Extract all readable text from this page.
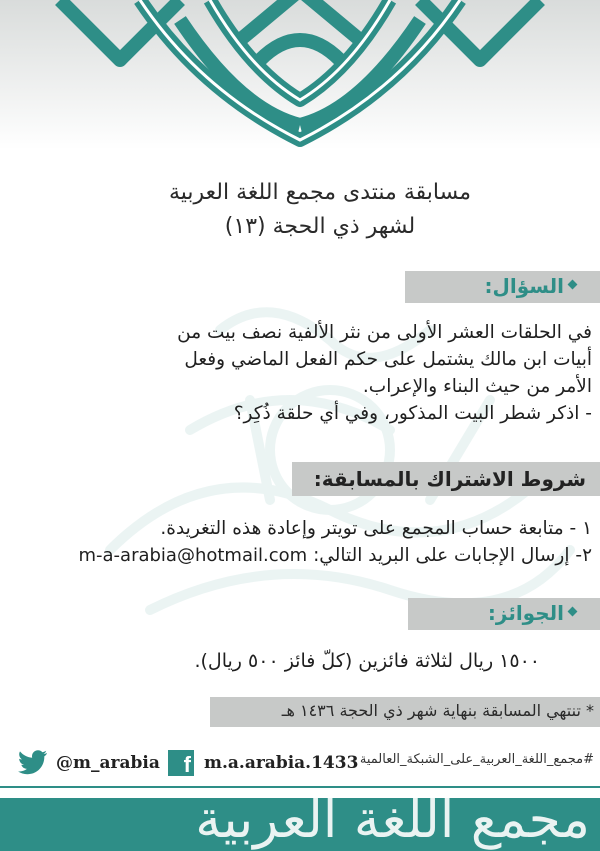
مسابقة منتدى مجمع اللغة العربية
لشهر ذي الحجة (١٣)
السؤال:
في الحلقات العشر الأولى من نثر الألفية نصف بيت من
أبيات ابن مالك يشتمل على حكم الفعل الماضي وفعل
الأمر من حيث البناء والإعراب.
- اذكر شطر البيت المذكور، وفي أي حلقة ذُكِر؟
شروط الاشتراك بالمسابقة:
١ - متابعة حساب المجمع على تويتر وإعادة هذه التغريدة.
٢- إرسال الإجابات على البريد التالي: m-a-arabia@hotmail.com
الجوائز:
١٥٠٠ ريال لثلاثة فائزين (كلّ فائز ٥٠٠ ريال).
* تنتهي المسابقة بنهاية شهر ذي الحجة ١٤٣٦ هـ
@m_arabia	f m.a.arabia.1433 #مجمع_اللغة_العربية_على_الشبكة_العالمية
مجمع اللغة العربية
